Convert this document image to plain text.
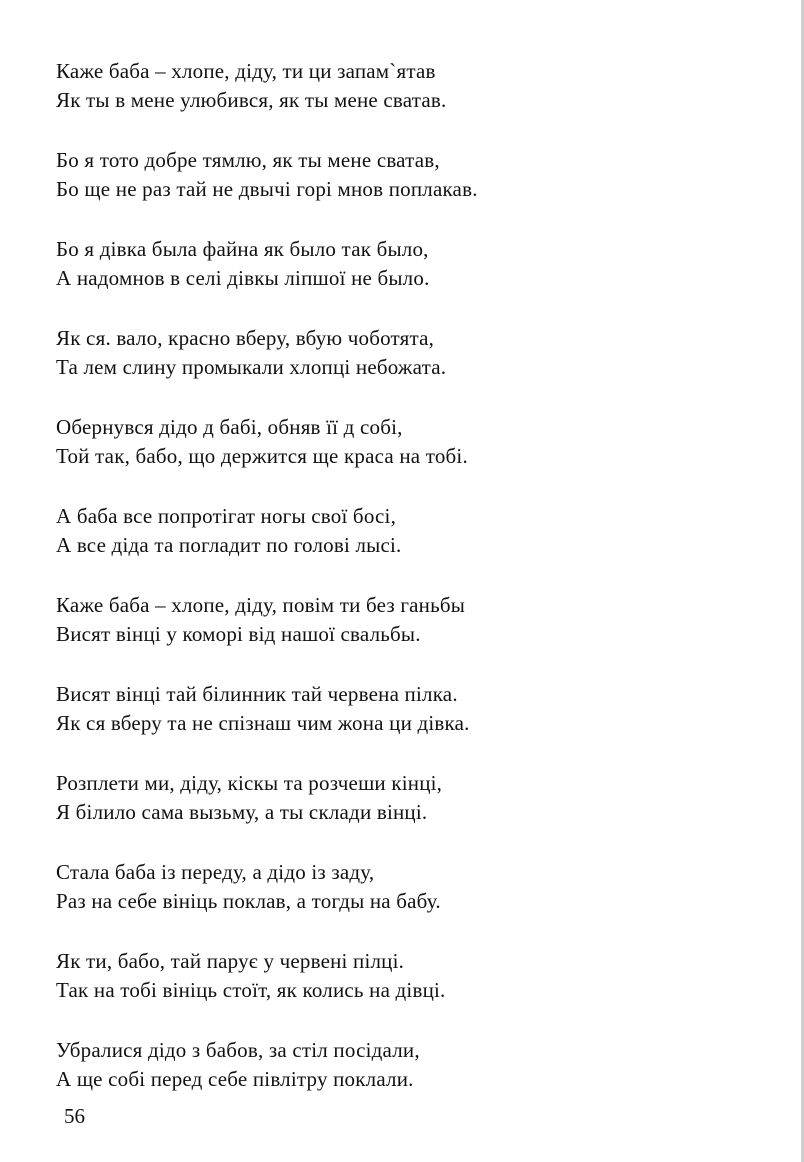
Каже баба – хлопе, діду, ти ци запам`ятав
Як ты в мене улюбився, як ты мене сватав.
Бо я тото добре тямлю, як ты мене сватав,
Бо ще не раз тай не двычі горі мнов поплакав.
Бо я дівка была файна як было так было,
А надомнов в селі дівкы ліпшої не было.
Як ся. вало, красно вберу, вбую чоботята,
Та лем слину промыкали хлопці небожата.
Обернувся дідо д бабі, обняв її д собі,
Той так, бабо, що держится ще краса на тобі.
А баба все попротігат ногы свої босі,
А все діда та погладит по голові лысі.
Каже баба – хлопе, діду, повім ти без ганьбы
Висят вінці у коморі від нашої свальбы.
Висят вінці тай білинник тай червена пілка.
Як ся вберу та не спізнаш чим жона ци дівка.
Розплети ми, діду, кіскы та розчеши кінці,
Я білило сама вызьму, а ты склади вінці.
Стала баба із переду, а дідо із заду,
Раз на себе вініць поклав, а тогды на бабу.
Як ти, бабо, тай парує у червені пілці.
Так на тобі вініць стоїт, як колись на дівці.
Убралися дідо з бабов, за стіл посідали,
А ще собі перед себе півлітру поклали.
56
